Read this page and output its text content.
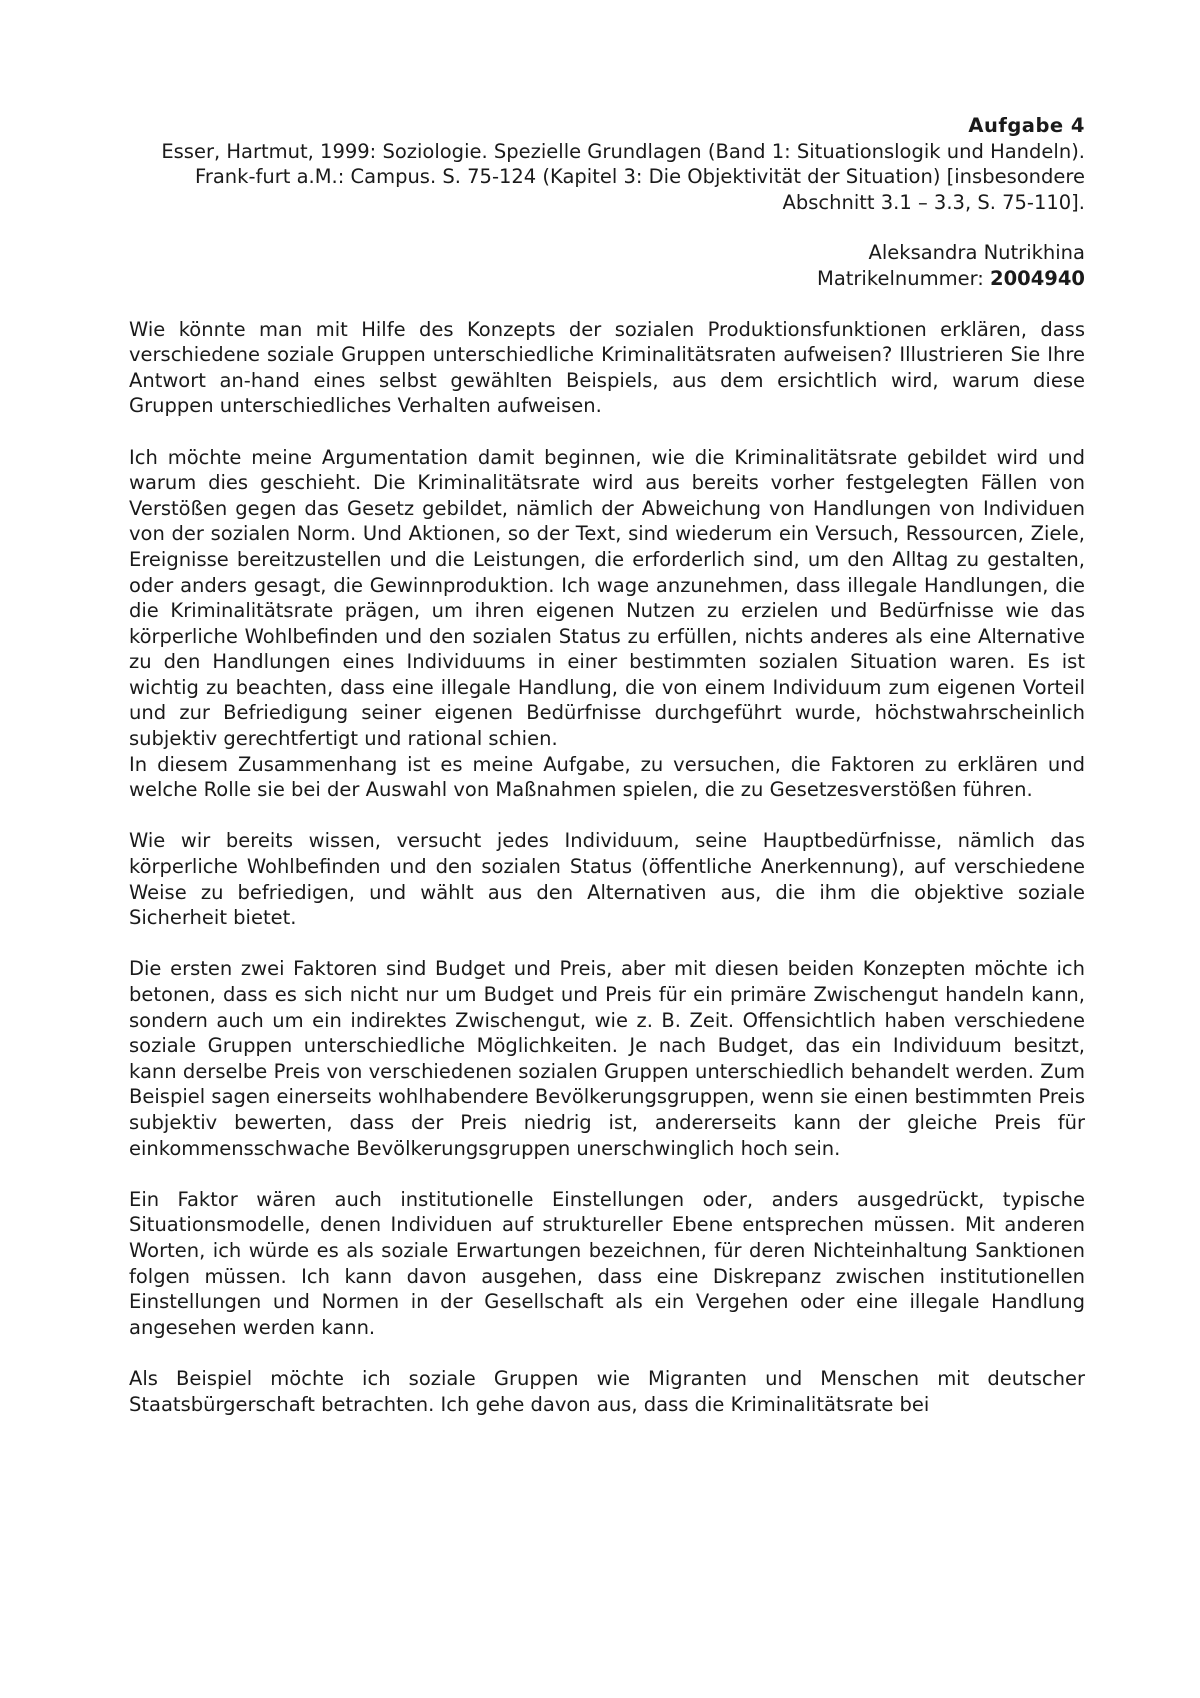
Aufgabe 4
Esser, Hartmut, 1999: Soziologie. Spezielle Grundlagen (Band 1: Situationslogik und Handeln). Frank-furt a.M.: Campus. S. 75-124 (Kapitel 3: Die Objektivität der Situation) [insbesondere Abschnitt 3.1 – 3.3, S. 75-110].
Aleksandra Nutrikhina
Matrikelnummer: 2004940

Wie könnte man mit Hilfe des Konzepts der sozialen Produktionsfunktionen erklären, dass verschiedene soziale Gruppen unterschiedliche Kriminalitätsraten aufweisen? Illustrieren Sie Ihre Antwort an-hand eines selbst gewählten Beispiels, aus dem ersichtlich wird, warum diese Gruppen unterschiedliches Verhalten aufweisen.

Ich möchte meine Argumentation damit beginnen, wie die Kriminalitätsrate gebildet wird und warum dies geschieht. Die Kriminalitätsrate wird aus bereits vorher festgelegten Fällen von Verstößen gegen das Gesetz gebildet, nämlich der Abweichung von Handlungen von Individuen von der sozialen Norm. Und Aktionen, so der Text, sind wiederum ein Versuch, Ressourcen, Ziele, Ereignisse bereitzustellen und die Leistungen, die erforderlich sind, um den Alltag zu gestalten, oder anders gesagt, die Gewinnproduktion. Ich wage anzunehmen, dass illegale Handlungen, die die Kriminalitätsrate prägen, um ihren eigenen Nutzen zu erzielen und Bedürfnisse wie das körperliche Wohlbefinden und den sozialen Status zu erfüllen, nichts anderes als eine Alternative zu den Handlungen eines Individuums in einer bestimmten sozialen Situation waren. Es ist wichtig zu beachten, dass eine illegale Handlung, die von einem Individuum zum eigenen Vorteil und zur Befriedigung seiner eigenen Bedürfnisse durchgeführt wurde, höchstwahrscheinlich subjektiv gerechtfertigt und rational schien.

In diesem Zusammenhang ist es meine Aufgabe, zu versuchen, die Faktoren zu erklären und welche Rolle sie bei der Auswahl von Maßnahmen spielen, die zu Gesetzesverstößen führen.

Wie wir bereits wissen, versucht jedes Individuum, seine Hauptbedürfnisse, nämlich das körperliche Wohlbefinden und den sozialen Status (öffentliche Anerkennung), auf verschiedene Weise zu befriedigen, und wählt aus den Alternativen aus, die ihm die objektive soziale Sicherheit bietet.

Die ersten zwei Faktoren sind Budget und Preis, aber mit diesen beiden Konzepten möchte ich betonen, dass es sich nicht nur um Budget und Preis für ein primäre Zwischengut handeln kann, sondern auch um ein indirektes Zwischengut, wie z. B. Zeit. Offensichtlich haben verschiedene soziale Gruppen unterschiedliche Möglichkeiten. Je nach Budget, das ein Individuum besitzt, kann derselbe Preis von verschiedenen sozialen Gruppen unterschiedlich behandelt werden. Zum Beispiel sagen einerseits wohlhabendere Bevölkerungsgruppen, wenn sie einen bestimmten Preis subjektiv bewerten, dass der Preis niedrig ist, andererseits kann der gleiche Preis für einkommensschwache Bevölkerungsgruppen unerschwinglich hoch sein.

Ein Faktor wären auch institutionelle Einstellungen oder, anders ausgedrückt, typische Situationsmodelle, denen Individuen auf struktureller Ebene entsprechen müssen. Mit anderen Worten, ich würde es als soziale Erwartungen bezeichnen, für deren Nichteinhaltung Sanktionen folgen müssen. Ich kann davon ausgehen, dass eine Diskrepanz zwischen institutionellen Einstellungen und Normen in der Gesellschaft als ein Vergehen oder eine illegale Handlung angesehen werden kann.

Als Beispiel möchte ich soziale Gruppen wie Migranten und Menschen mit deutscher Staatsbürgerschaft betrachten. Ich gehe davon aus, dass die Kriminalitätsrate bei
